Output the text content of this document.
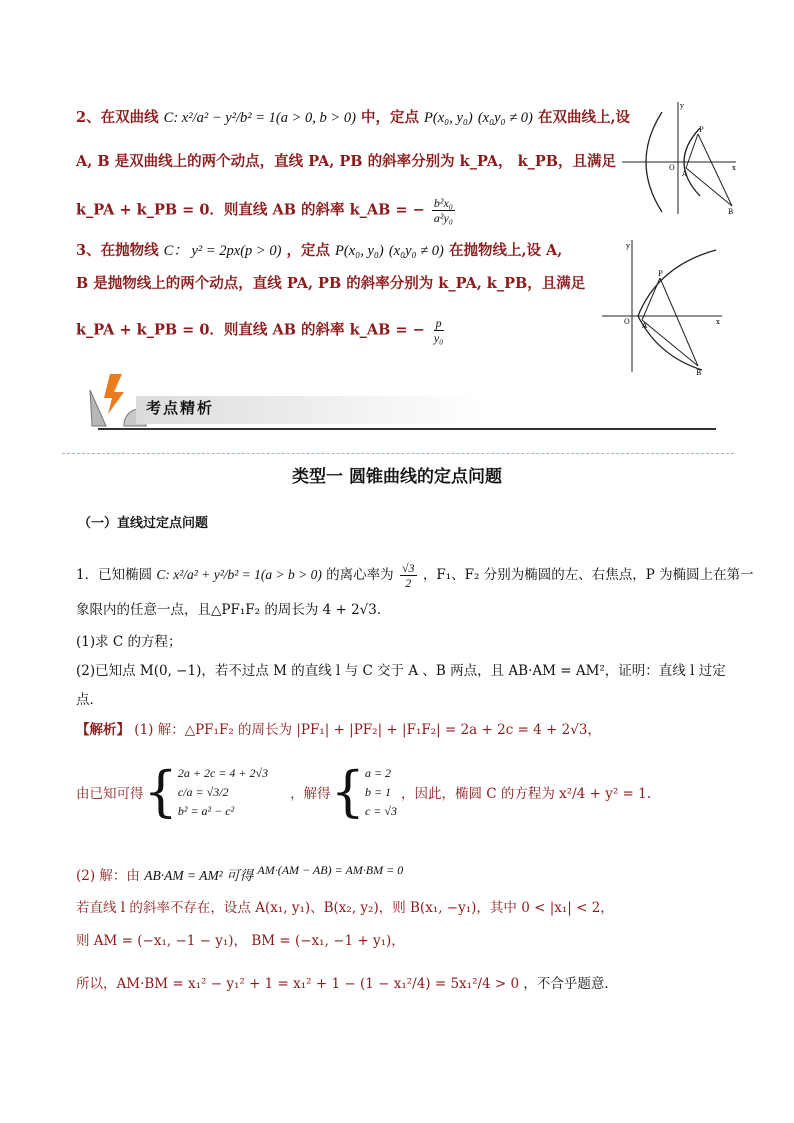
2、在双曲线 C: x²/a² − y²/b² = 1(a > 0, b > 0) 中，定点 P(x₀, y₀) (x₀y₀ ≠ 0) 在双曲线上,设
A, B 是双曲线上的两个动点，直线 PA, PB 的斜率分别为 k_PA， k_PB，且满足
k_PA + k_PB = 0．则直线 AB 的斜率 k_AB = − $\frac{\text{b²x₀}}{\text{a²y₀}}$
y
x
O
P
A
B
3、在抛物线 C： y² = 2px(p > 0) ，定点 P(x₀, y₀) (x₀y₀ ≠ 0) 在抛物线上,设 A,
B 是抛物线上的两个动点，直线 PA, PB 的斜率分别为 k_PA, k_PB，且满足
k_PA + k_PB = 0．则直线 AB 的斜率 k_AB = − $\frac{p}{\text{y₀}}$
y
x
O
P
A
B
考点精析
类型一 圆锥曲线的定点问题
（一）直线过定点问题
1．已知椭圆 C: x²/a² + y²/b² = 1(a > b > 0) 的离心率为 $\frac{√3}{2}$ ，F₁、F₂ 分别为椭圆的左、右焦点，P 为椭圆上在第一
象限内的任意一点，且△PF₁F₂ 的周长为 4 + 2√3．
(1)求 C 的方程；
(2)已知点 M(0, −1)，若不过点 M 的直线 l 与 C 交于 A 、B 两点，且 AB·AM = AM²，证明：直线 l 过定
点．
【解析】 (1) 解：△PF₁F₂ 的周长为 |PF₁| + |PF₂| + |F₁F₂| = 2a + 2c = 4 + 2√3，
由已知可得 { 2a + 2c = 4 + 2√3
c/a = √3/2
b² = a² − c²
，解得 { a = 2
b = 1
c = √3
，因此，椭圆 C 的方程为 x²/4 + y² = 1.
(2) 解：由 AB·AM = AM² 可得 AM·(AM − AB) = AM·BM = 0
若直线 l 的斜率不存在，设点 A(x₁, y₁)、B(x₂, y₂)，则 B(x₁, −y₁)，其中 0 < |x₁| < 2，
则 AM = (−x₁, −1 − y₁)， BM = (−x₁, −1 + y₁)，
所以，AM·BM = x₁² − y₁² + 1 = x₁² + 1 − (1 − x₁²/4) = 5x₁²/4 > 0 ，不合乎题意.
